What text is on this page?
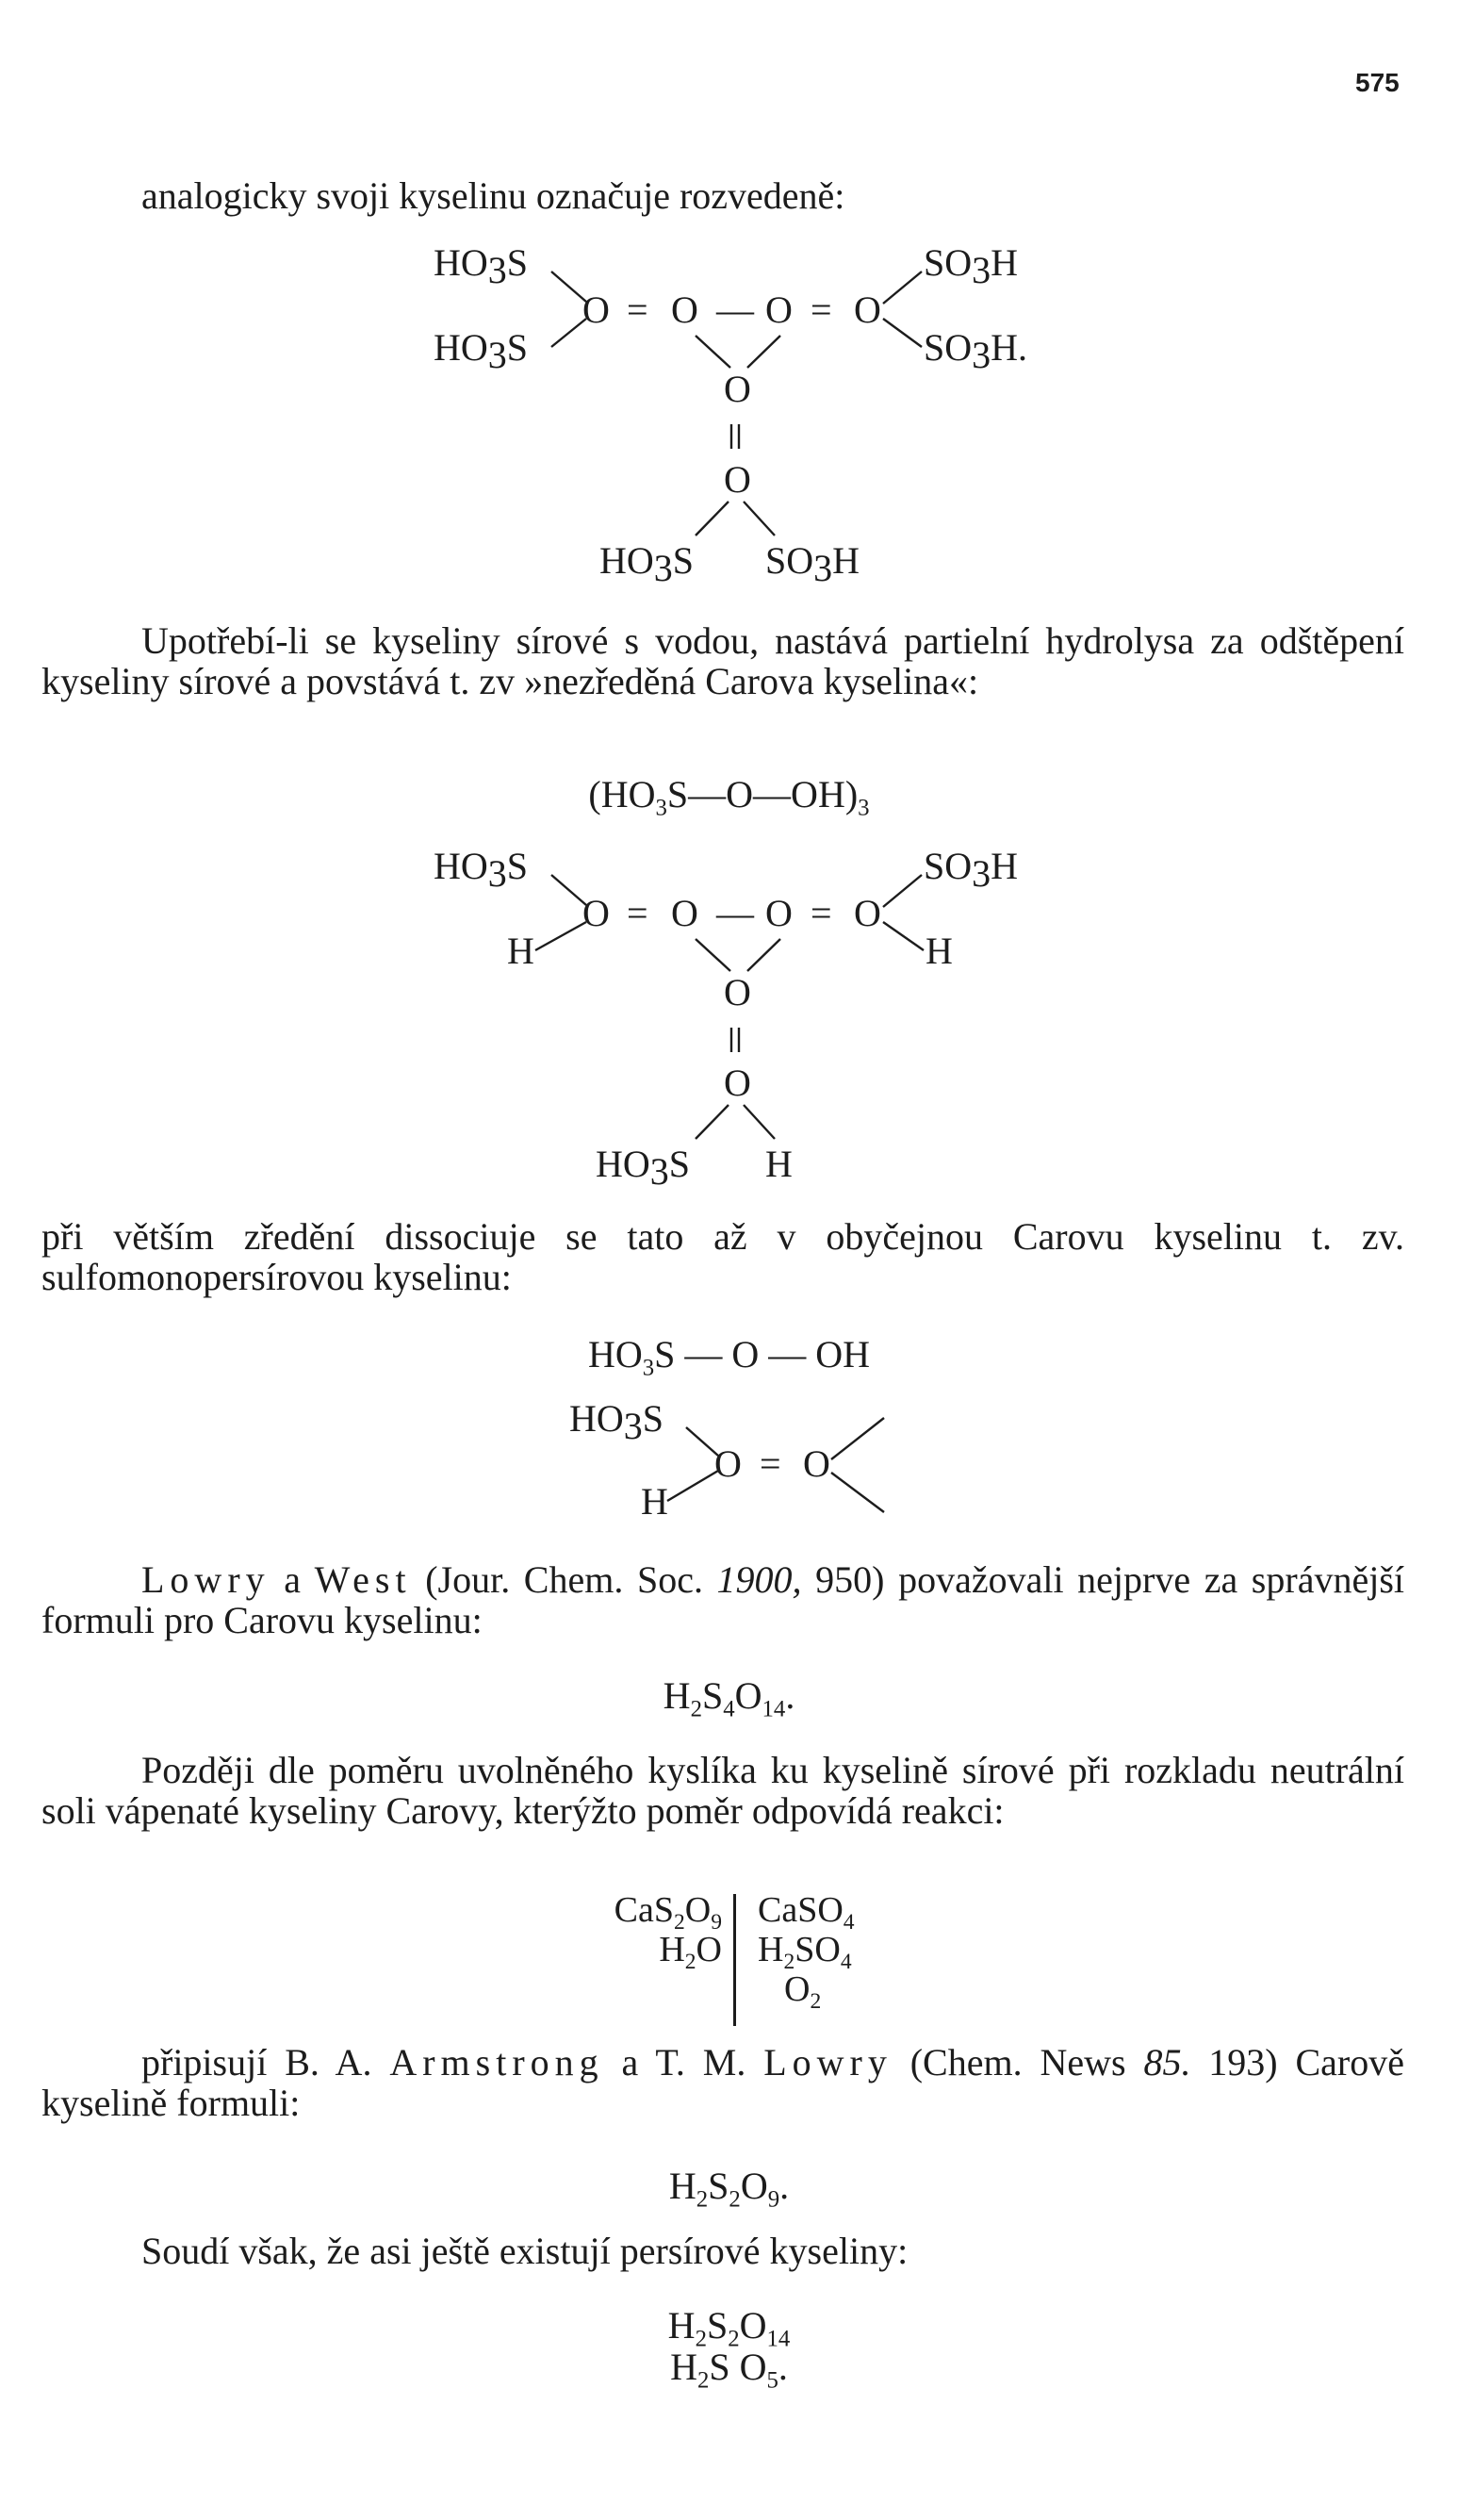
575
analogicky svoji kyselinu označuje rozvedeně:
HO3S
HO3S
O = O — O = O
SO3H
SO3H.
O
O
HO3S SO3H
Upotřebí-li se kyseliny sírové s vodou, nastává partielní hydrolysa za odštěpení kyseliny sírové a povstává t. zv »nezředěná Carova kyselina«:
$(HO_3S—O—OH)_3$
HO3S
H
O = O — O = O
SO3H
H
O
O
HO3S H
při větším zředění dissociuje se tato až v obyčejnou Carovu kyselinu t. zv. sulfomonopersírovou kyselinu:
$HO_3S$ — O — OH
HO3S
H
O = O
Lowry a West (Jour. Chem. Soc. 1900, 950) považovali nejprve za správnější formuli pro Carovu kyselinu:
$H_2S_4O_{14}$.
Později dle poměru uvolněného kyslíka ku kyselině sírové při rozkladu neutrální soli vápenaté kyseliny Carovy, kterýžto poměr odpovídá reakci:
$CaS_2O_9$
$H_2O$
CaSO$_4$
$H_2SO_4$
$O_2$
připisují B. A. Armstrong a T. M. Lowry (Chem. News 85. 193) Carově kyselině formuli:
$H_2S_2O_9$.
Soudí však, že asi ještě existují persírové kyseliny:
$H_2S_2O_{14}$
$H_2S$ $O_5$.
